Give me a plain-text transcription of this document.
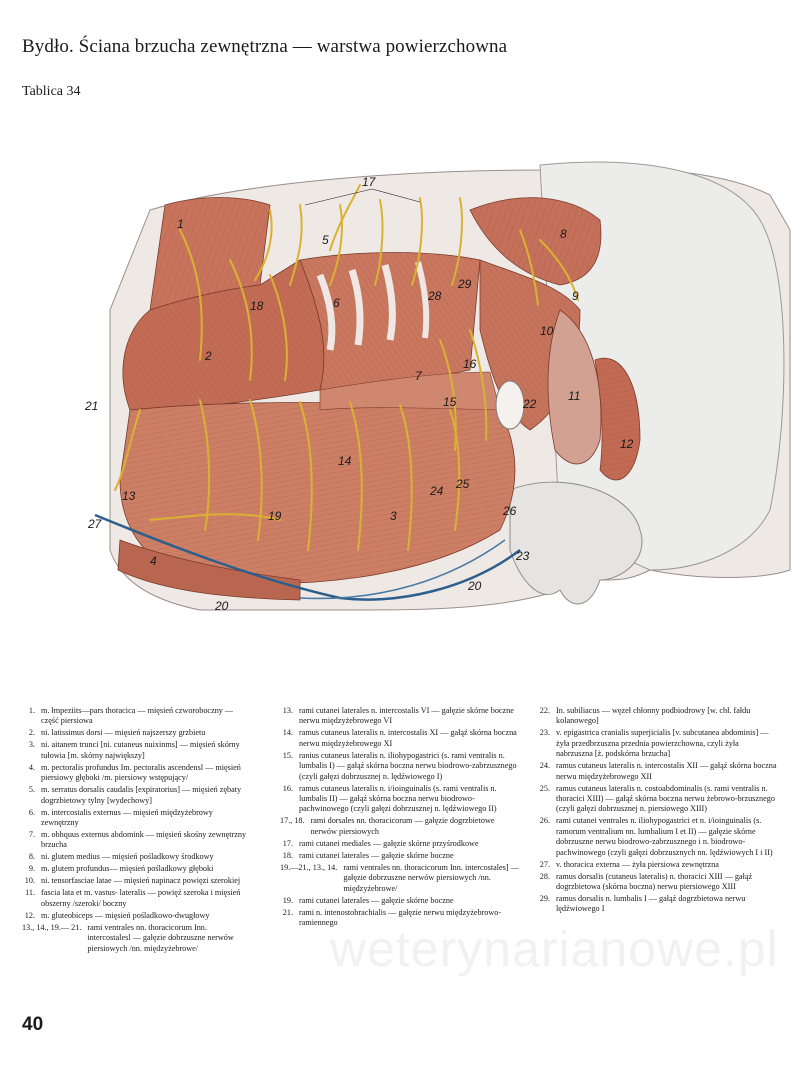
Bydło. Ściana brzucha zewnętrzna — warstwa powierzchowna
Tablica 34
17
1
5	8
6	28
29
9
18
2
10
16
7
21	15	22
11
12
14
24 25
13
19	3	26
27
23
4
20
20
1. m. łmpeziits—pars thoracica — mięsień czworoboczny —część piersiowa
2. ni. latissimus dorsi — mięsień najszerszy grzbietu
3. ni. aitanem trunci [ni. cutaneus nuixinms] — mięsień skórny tułowia [m. skórny największy]
4. m. pectoralis profundus Im. pectoralis ascendensl — mięsień piersiowy głęboki /m. piersiowy wstępujący/
5. m. serratus dorsalis caudalis [expiratorius] — mięsień zębaty dogrzbietowy tylny [wydechowy]
6. m. intercostalis externus — mięsień międzyżebrowy zewnętrzny
7. m. obhquus externus abdomink — mięsień skośny zewnętrzny brzucha
8. ni. glutem medius — mięsień pośladkowy środkowy
9. m. glutem profundus— mięsień pośladkowy głęboki
10. ni. tensorfasciae latae — mięsień napinacz powięzi szerokiej
11. fascia lata et m. vastus- lateralis — powięź szeroka i mięsień obszerny /szeroki/ boczny
12. m. gluteobiceps — mięsień pośladkowo-dwugłowy
13., 14., 19.— 21. rami ventrales nn. thoracicorum Inn. intercostalesl — gałęzie dobrzuszne nerwów piersiowych /nn. międzyżebrowe/
13. rami cutanei laterales n. intercostalis VI — gałęzie skórne boczne nerwu międzyżebrowego VI
14. ramus cutaneus lateralis n. intercostalis XI — gałąź skórna boczna nerwu międzyżebrowego XI
15. ranius cutaneus lateralis n. iliohypogastrici (s. rami ventralis n. lumbalis I) — gałąź skórna boczna nerwu biodrowo-zabrzusznego (czyli gałęzi dobrzusznej n. lędźwiowego I)
16. ramus cutaneus lateralis n. i/ioinguinalis (s. rami ventralis n. lumbalis II) — gałąź skórna boczna nerwu biodrowo-pachwinowego (czyli gałęzi dobrzusznej n. lędźwiowego II)
17., 18. rami dorsales nn. thoracicorum — gałęzie dogrzbietowe nerwów piersiowych
17. rami cutanei mediales — gałęzie skórne przyśrodkowe
18. rami cutanei laterales — gałęzie skórne boczne
19.—21., 13., 14. rami ventrales nn. thoracicorum Inn. intercostales] — gałęzie dobrzuszne nerwów piersiowych /nn. międzyżebrowe/
19. rami cutanei laterales — gałęzie skórne boczne
21. rami n. intenostobrachialis — gałęzie nerwu międzyżebrowo-ramiennego
22. In. subiliacus — węzeł chłonny podbiodrowy [w. chł. fałdu kolanowego]
23. v. epigastrica cranialis superjicialis [v. subcutanea abdominis] — żyła przedbrzuszna przednia powierzchowna, czyli żyła nabrzuszna [ż. podskórna brzucha]
24. ramus cutaneus lateralis n. intercostalis XII — gałąź skórna boczna nerwu międzyżebrowego XII
25. ramus cutaneus lateralis n. costoabdominalis (s. rami ventralis n. thoracici XIII) — gałąź skórna boczna nerwu żebrowo-brzusznego (czyli gałęzi dobrzusznej n. piersiowego XIII)
26. rami cutanei ventrales n. iliohypogastrici et n. i/ioinguinalis (s. ramorum ventralium nn. lumbalium I et II) — gałęzie skórne dobrzuszne nerwu biodrowo-zabrzusznego i n. biodrowo-pachwinowego (czyli gałęzi dobrzusznych nn. lędźwiowych I i II)
27. v. thoracica externa — żyła piersiowa zewnętrzna
28. ramus dorsalis (cutaneus lateralis) n. thoracici XIII — gałąź dogrzbietowa (skórna boczna) nerwu piersiowego XIII
29. ramus dorsalis n. lumbalis I — gałąź dogrzbietowa nerwu lędźwiowego I
40
weterynarianowe.pl
